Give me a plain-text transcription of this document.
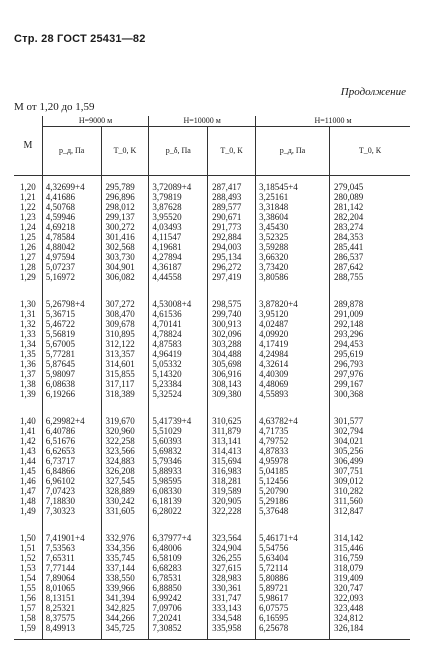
Стр. 28 ГОСТ 25431—82
Продолжение
М от 1,20 до 1,59
М	Н=9000 м		Н=10000 м		Н=11000 м	
	p_д, Па	T_0, K	p_δ, Па	T_0, К	p_д, Па	T_0, К

1,20	4,32699+4	295,789	3,72089+4	287,417	3,18545+4	279,045
1,21	4,41686	296,896	3,79819	288,493	3,25161	280,089
1,22	4,50768	298,012	3,87628	289,577	3,31848	281,142
1,23	4,59946	299,137	3,95520	290,671	3,38604	282,204
1,24	4,69218	300,272	4,03493	291,773	3,45430	283,274
1,25	4,78584	301,416	4,11547	292,884	3,52325	284,353
1,26	4,88042	302,568	4,19681	294,003	3,59288	285,441
1,27	4,97594	303,730	4,27894	295,134	3,66320	286,537
1,28	5,07237	304,901	4,36187	296,272	3,73420	287,642
1,29	5,16972	306,082	4,44558	297,419	3,80586	288,755

1,30	5,26798+4	307,272	4,53008+4	298,575	3,87820+4	289,878
1,31	5,36715	308,470	4,61536	299,740	3,95120	291,009
1,32	5,46722	309,678	4,70141	300,913	4,02487	292,148
1,33	5,56819	310,895	4,78824	302,096	4,09920	293,296
1,34	5,67005	312,122	4,87583	303,288	4,17419	294,453
1,35	5,77281	313,357	4,96419	304,488	4,24984	295,619
1,36	5,87645	314,601	5,05332	305,698	4,32614	296,793
1,37	5,98097	315,855	5,14320	306,916	4,40309	297,976
1,38	6,08638	317,117	5,23384	308,143	4,48069	299,167
1,39	6,19266	318,389	5,32524	309,380	4,55893	300,368

1,40	6,29982+4	319,670	5,41739+4	310,625	4,63782+4	301,577
1,41	6,40786	320,960	5,51029	311,879	4,71735	302,794
1,42	6,51676	322,258	5,60393	313,141	4,79752	304,021
1,43	6,62653	323,566	5,69832	314,413	4,87833	305,256
1,44	6,73717	324,883	5,79346	315,694	4,95978	306,499
1,45	6,84866	326,208	5,88933	316,983	5,04185	307,751
1,46	6,96102	327,545	5,98595	318,281	5,12456	309,012
1,47	7,07423	328,889	6,08330	319,589	5,20790	310,282
1,48	7,18830	330,242	6,18139	320,905	5,29186	311,560
1,49	7,30323	331,605	6,28022	322,228	5,37648	312,847

1,50	7,41901+4	332,976	6,37977+4	323,564	5,46171+4	314,142
1,51	7,53563	334,356	6,48006	324,904	5,54756	315,446
1,52	7,65311	335,745	6,58109	326,255	5,63404	316,759
1,53	7,77144	337,144	6,68283	327,615	5,72114	318,079
1,54	7,89064	338,550	6,78531	328,983	5,80886	319,409
1,55	8,01065	339,966	6,88850	330,361	5,89721	320,747
1,56	8,13151	341,394	6,99242	331,747	5,98617	322,093
1,57	8,25321	342,825	7,09706	333,143	6,07575	323,448
1,58	8,37575	344,266	7,20241	334,548	6,16595	324,812
1,59	8,49913	345,725	7,30852	335,958	6,25678	326,184
